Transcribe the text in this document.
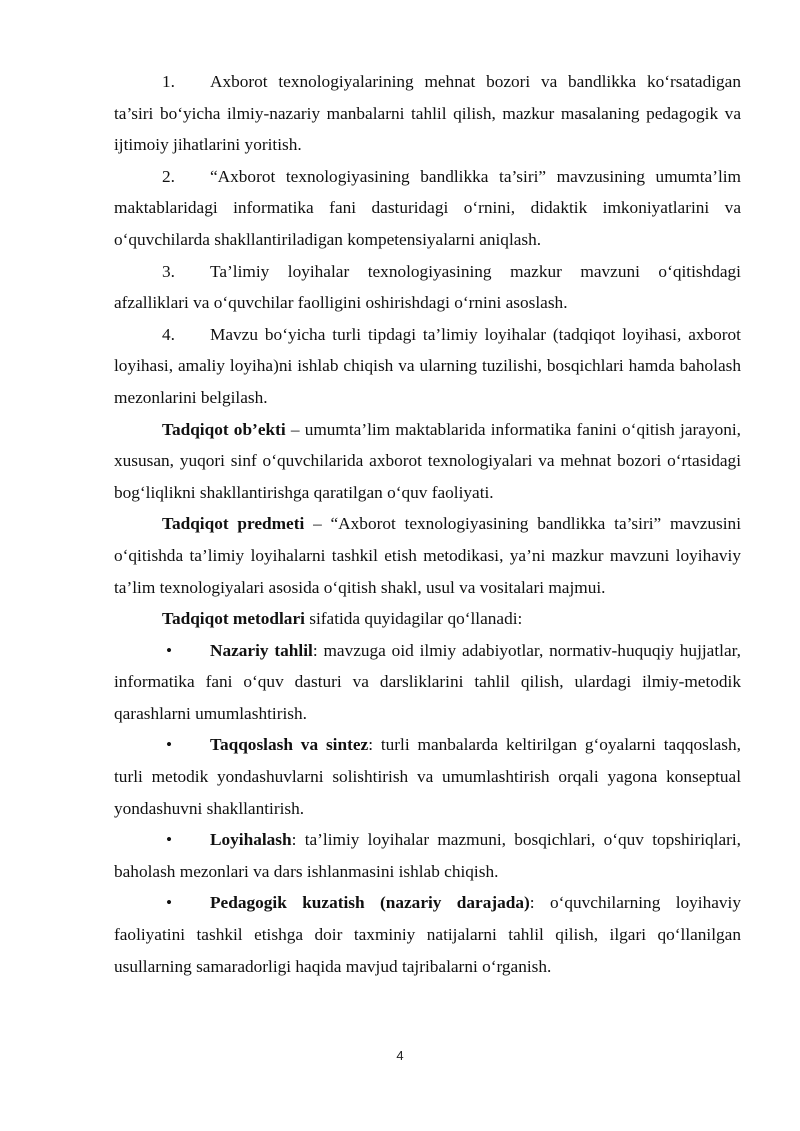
1. Axborot texnologiyalarining mehnat bozori va bandlikka ko‘rsatadigan ta’siri bo‘yicha ilmiy-nazariy manbalarni tahlil qilish, mazkur masalaning pedagogik va ijtimoiy jihatlarini yoritish.

2. “Axborot texnologiyasining bandlikka ta’siri” mavzusining umumta’lim maktablaridagi informatika fani dasturidagi o‘rnini, didaktik imkoniyatlarini va o‘quvchilarda shakllantiriladigan kompetensiyalarni aniqlash.

3. Ta’limiy loyihalar texnologiyasining mazkur mavzuni o‘qitishdagi afzalliklari va o‘quvchilar faolligini oshirishdagi o‘rnini asoslash.

4. Mavzu bo‘yicha turli tipdagi ta’limiy loyihalar (tadqiqot loyihasi, axborot loyihasi, amaliy loyiha)ni ishlab chiqish va ularning tuzilishi, bosqichlari hamda baholash mezonlarini belgilash.

Tadqiqot ob’ekti – umumta’lim maktablarida informatika fanini o‘qitish jarayoni, xususan, yuqori sinf o‘quvchilarida axborot texnologiyalari va mehnat bozori o‘rtasidagi bog‘liqlikni shakllantirishga qaratilgan o‘quv faoliyati.

Tadqiqot predmeti – “Axborot texnologiyasining bandlikka ta’siri” mavzusini o‘qitishda ta’limiy loyihalarni tashkil etish metodikasi, ya’ni mazkur mavzuni loyihaviy ta’lim texnologiyalari asosida o‘qitish shakl, usul va vositalari majmui.

Tadqiqot metodlari sifatida quyidagilar qo‘llanadi:

• Nazariy tahlil: mavzuga oid ilmiy adabiyotlar, normativ-huquqiy hujjatlar, informatika fani o‘quv dasturi va darsliklarini tahlil qilish, ulardagi ilmiy-metodik qarashlarni umumlashtirish.

• Taqqoslash va sintez: turli manbalarda keltirilgan g‘oyalarni taqqoslash, turli metodik yondashuvlarni solishtirish va umumlashtirish orqali yagona konseptual yondashuvni shakllantirish.

• Loyihalash: ta’limiy loyihalar mazmuni, bosqichlari, o‘quv topshiriqlari, baholash mezonlari va dars ishlanmasini ishlab chiqish.

• Pedagogik kuzatish (nazariy darajada): o‘quvchilarning loyihaviy faoliyatini tashkil etishga doir taxminiy natijalarni tahlil qilish, ilgari qo‘llanilgan usullarning samaradorligi haqida mavjud tajribalarni o‘rganish.

4
